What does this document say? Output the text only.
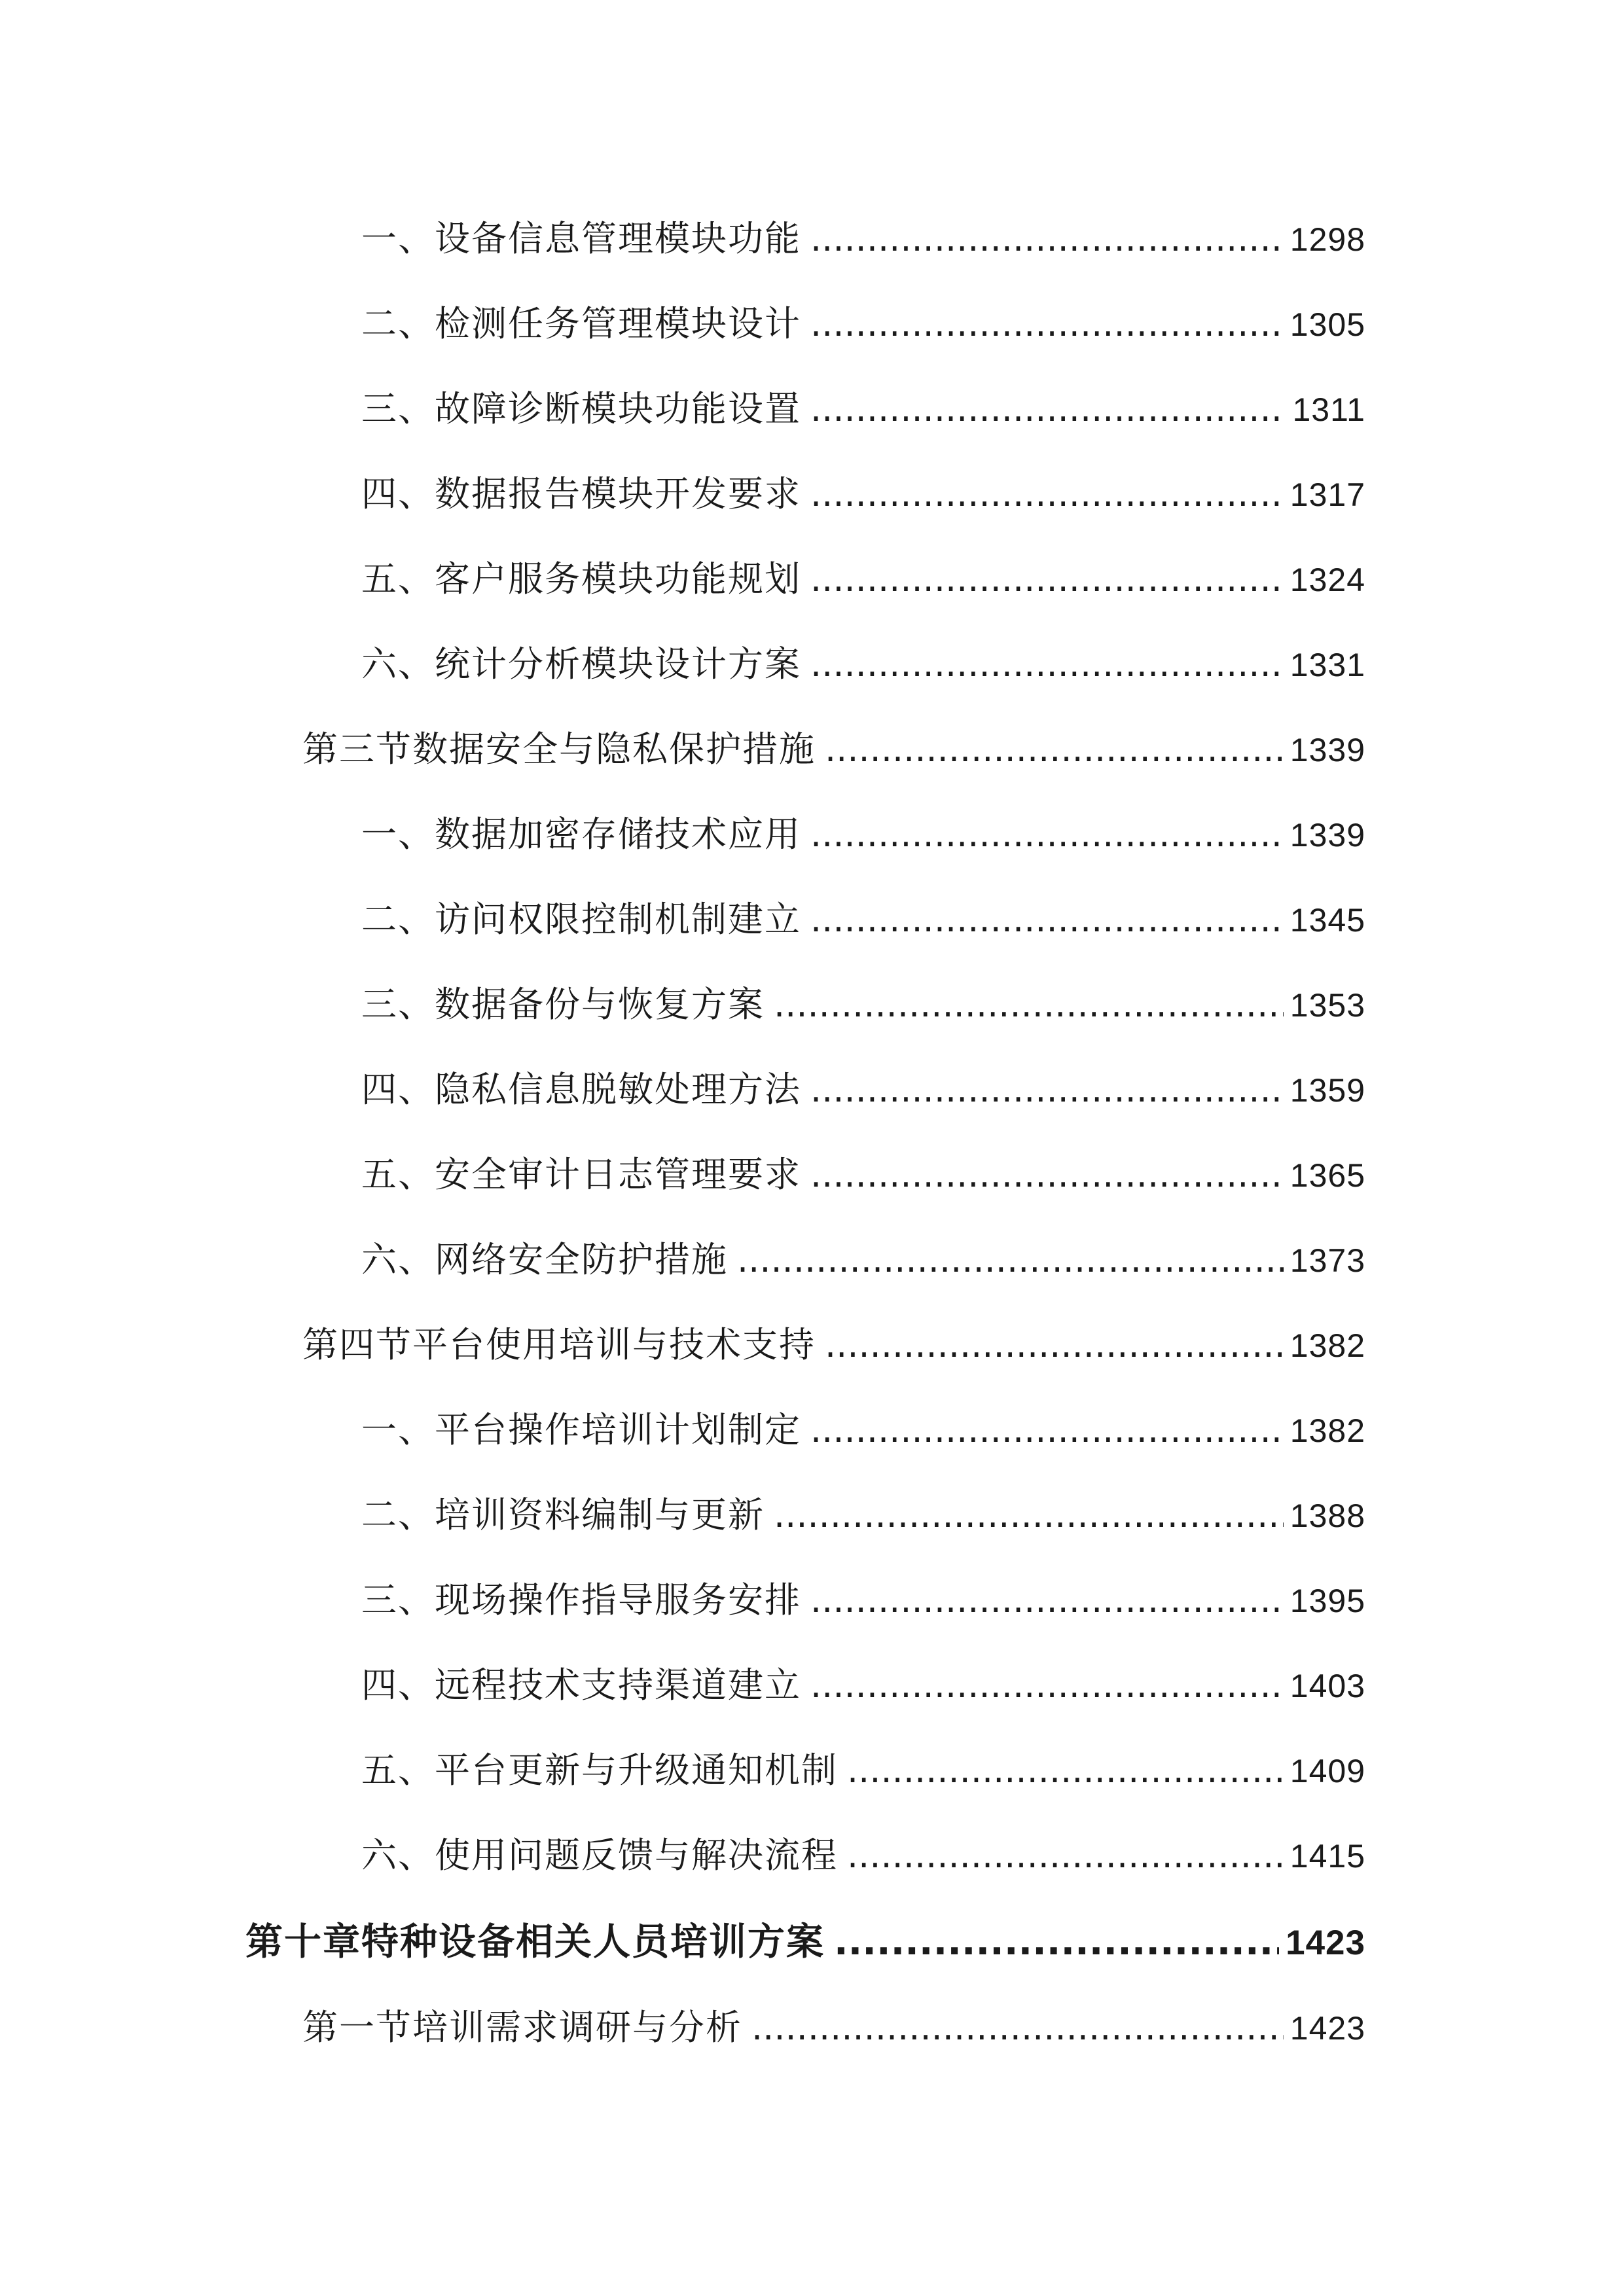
一、设备信息管理模块功能 .....	1298
二、检测任务管理模块设计 .....	1305
三、故障诊断模块功能设置 .....	1311
四、数据报告模块开发要求 .....	1317
五、客户服务模块功能规划 .....	1324
六、统计分析模块设计方案 .....	1331
第三节数据安全与隐私保护措施 .....	1339
一、数据加密存储技术应用 .....	1339
二、访问权限控制机制建立 .....	1345
三、数据备份与恢复方案 .....	1353
四、隐私信息脱敏处理方法 .....	1359
五、安全审计日志管理要求 .....	1365
六、网络安全防护措施 .....	1373
第四节平台使用培训与技术支持 .....	1382
一、平台操作培训计划制定 .....	1382
二、培训资料编制与更新 .....	1388
三、现场操作指导服务安排 .....	1395
四、远程技术支持渠道建立 .....	1403
五、平台更新与升级通知机制 .....	1409
六、使用问题反馈与解决流程 .....	1415
第十章特种设备相关人员培训方案 .....	1423
第一节培训需求调研与分析 .....	1423
